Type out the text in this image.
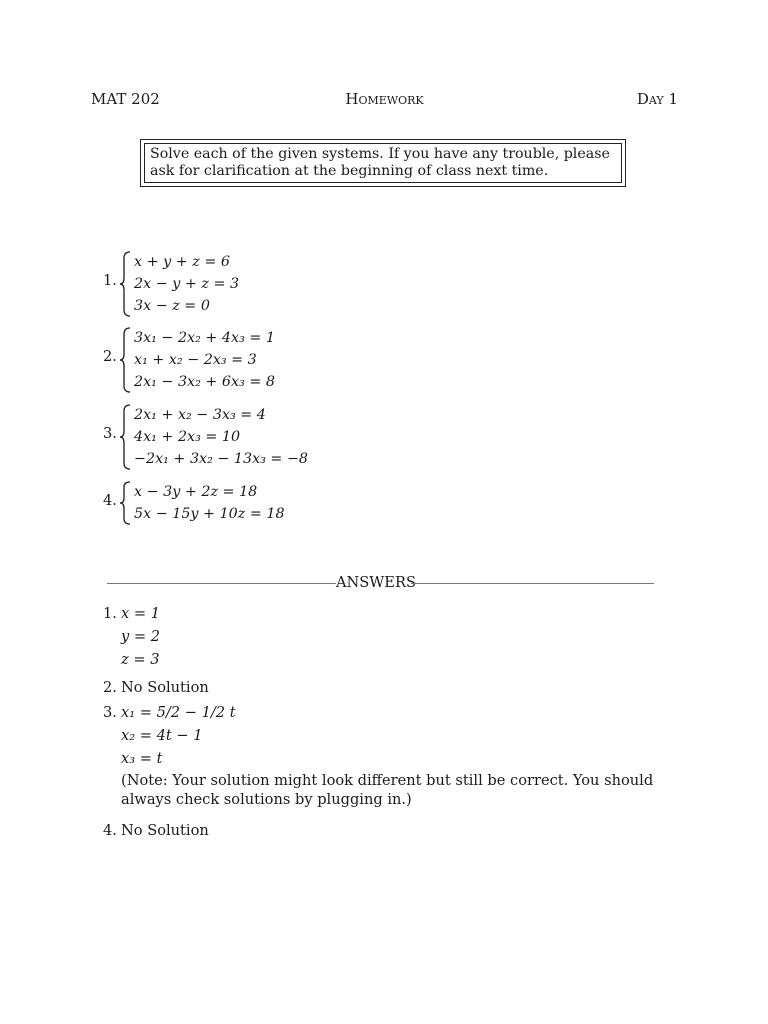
MAT 202	Homework	Day 1
Solve each of the given systems. If you have any trouble, please ask for clarification at the beginning of class next time.
1.
x + y + z = 6
2x − y + z = 3
3x − z = 0
2.
3x₁ − 2x₂ + 4x₃ = 1
x₁ + x₂ − 2x₃ = 3
2x₁ − 3x₂ + 6x₃ = 8
3.
2x₁ + x₂ − 3x₃ = 4
4x₁ + 2x₃ = 10
−2x₁ + 3x₂ − 13x₃ = −8
4. x − 3y + 2z = 18
5x − 15y + 10z = 18
ANSWERS
1. x = 1
y = 2
z = 3
2. No Solution
3. x₁ = 5/2 − 1/2 t
x₂ = 4t − 1
x₃ = t
(Note: Your solution might look different but still be correct. You should always check solutions by plugging in.)
4. No Solution
